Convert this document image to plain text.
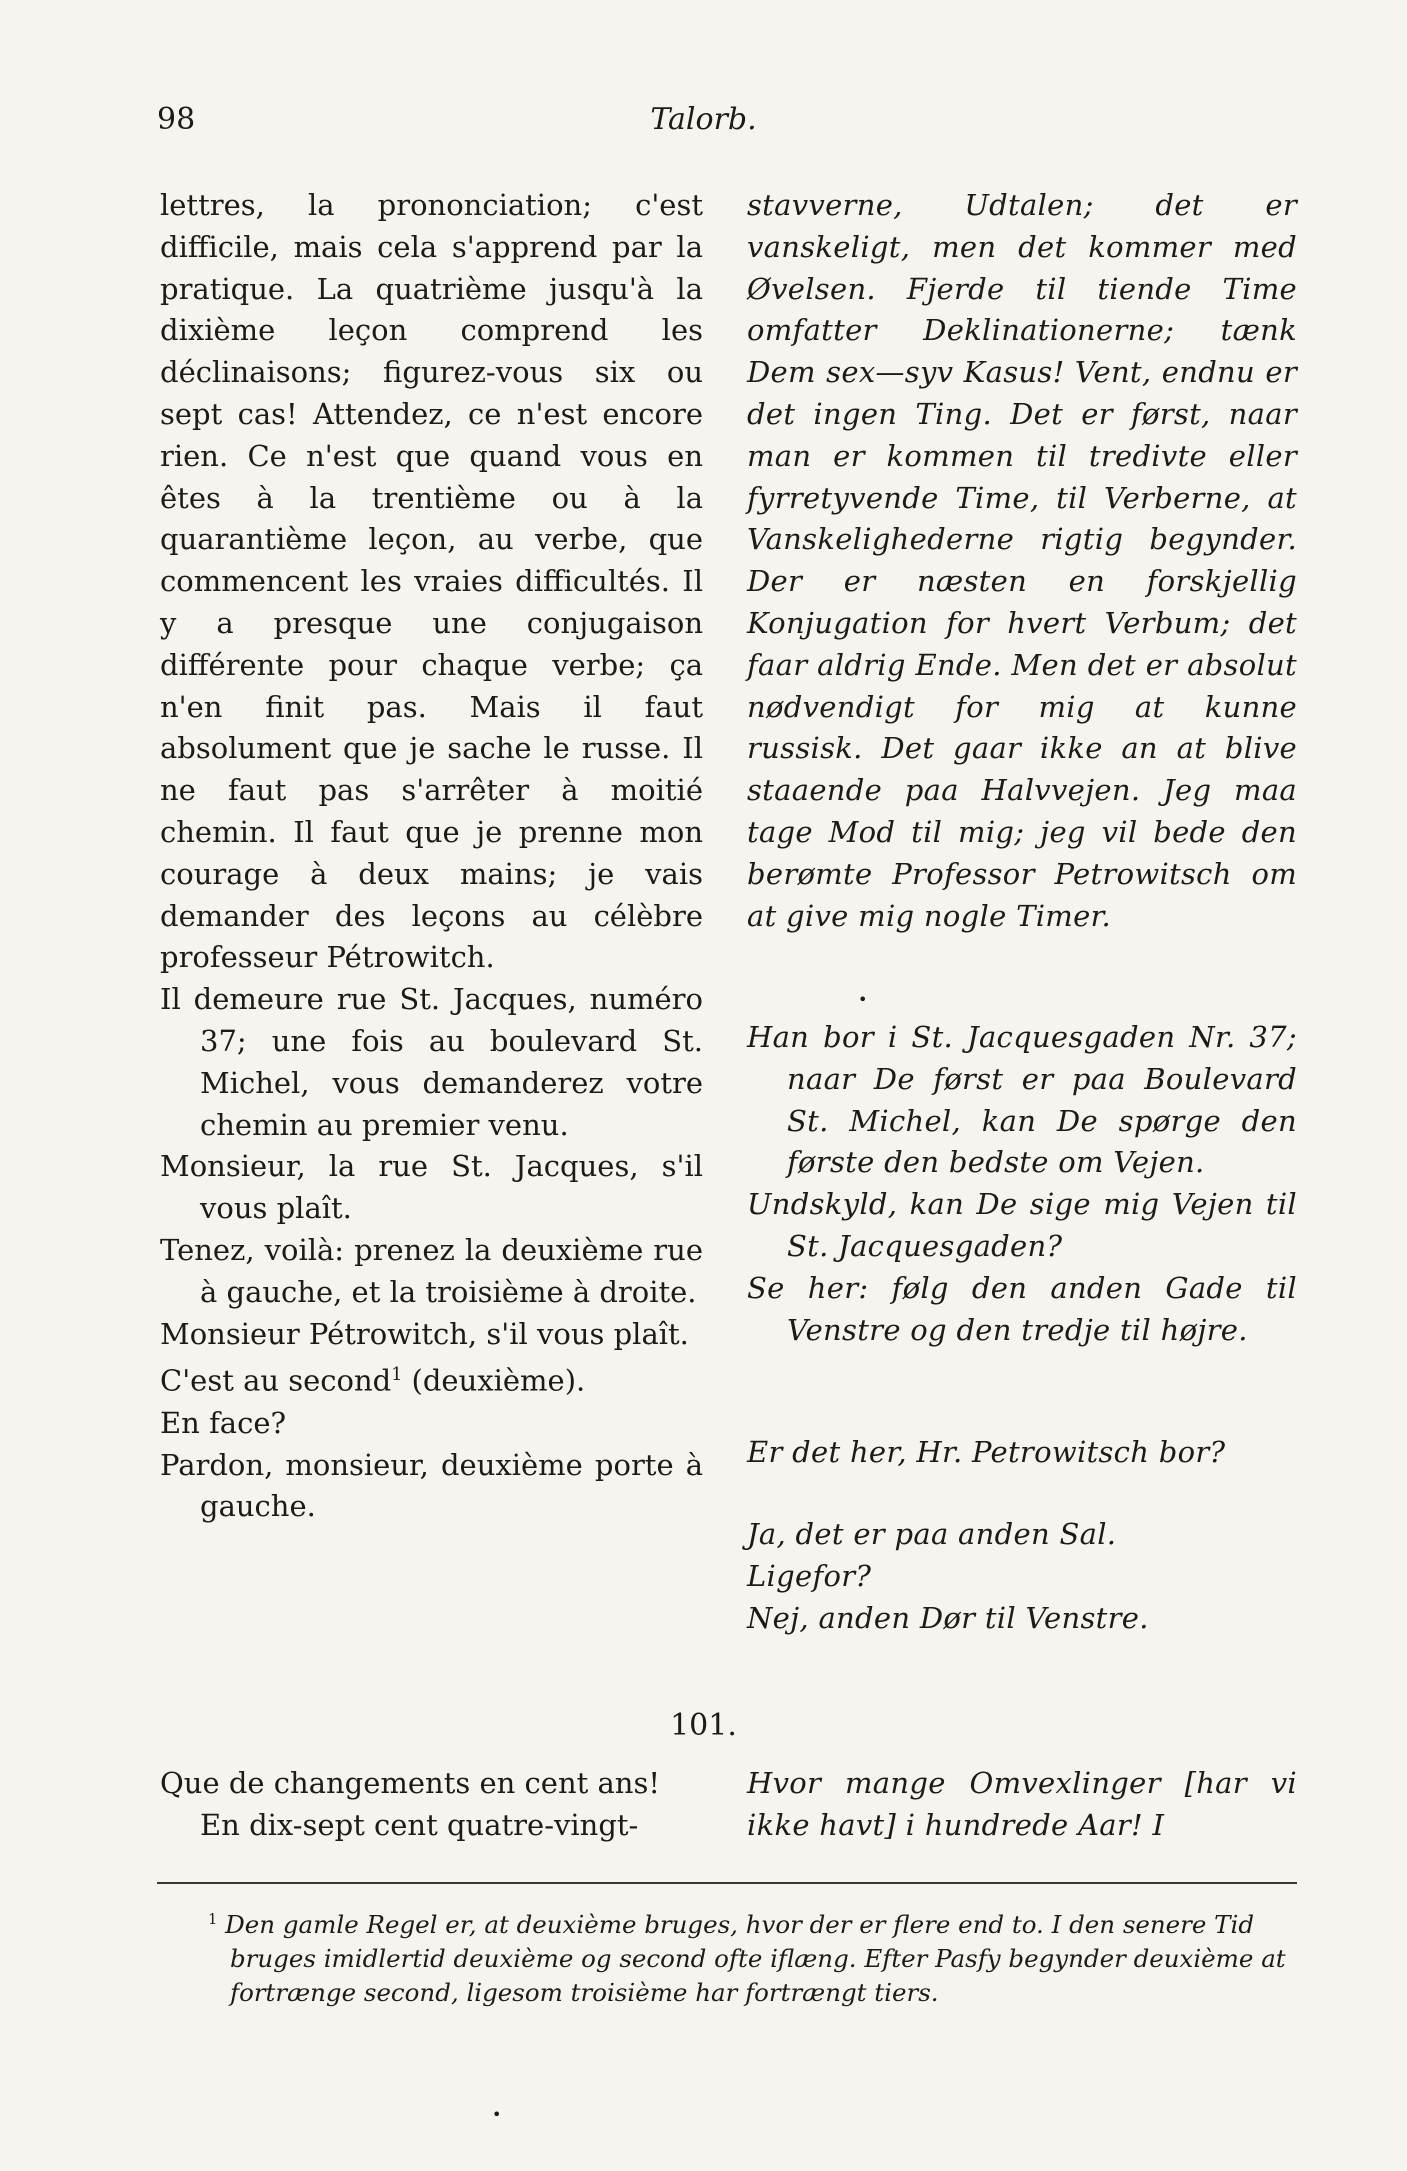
98	Talorb.

lettres, la prononciation; c'est difficile, mais cela s'apprend par la pratique. La quatrième jusqu'à la dixième leçon comprend les déclinaisons; figurez-vous six ou sept cas! Attendez, ce n'est encore rien. Ce n'est que quand vous en êtes à la trentième ou à la quarantième leçon, au verbe, que commencent les vraies difficultés. Il y a presque une conjugaison différente pour chaque verbe; ça n'en finit pas. Mais il faut absolument que je sache le russe. Il ne faut pas s'arrêter à moitié chemin. Il faut que je prenne mon courage à deux mains; je vais demander des leçons au célèbre professeur Pétrowitch.

Il demeure rue St. Jacques, numéro 37; une fois au boulevard St. Michel, vous demanderez votre chemin au premier venu.

Monsieur, la rue St. Jacques, s'il vous plaît.

Tenez, voilà: prenez la deuxième rue à gauche, et la troisième à droite.

Monsieur Pétrowitch, s'il vous plaît.

C'est au second$^1$ (deuxième).

En face?

Pardon, monsieur, deuxième porte à gauche.

stavverne, Udtalen; det er vanskeligt, men det kommer med Øvelsen. Fjerde til tiende Time omfatter Deklinationerne; tænk Dem sex—syv Kasus! Vent, endnu er det ingen Ting. Det er først, naar man er kommen til tredivte eller fyrretyvende Time, til Verberne, at Vanskelighederne rigtig begynder. Der er næsten en forskjellig Konjugation for hvert Verbum; det faar aldrig Ende. Men det er absolut nødvendigt for mig at kunne russisk. Det gaar ikke an at blive staaende paa Halvvejen. Jeg maa tage Mod til mig; jeg vil bede den berømte Professor Petrowitsch om at give mig nogle Timer.

•

Han bor i St. Jacquesgaden Nr. 37; naar De først er paa Boulevard St. Michel, kan De spørge den første den bedste om Vejen.

Undskyld, kan De sige mig Vejen til St. Jacquesgaden?

Se her: følg den anden Gade til Venstre og den tredje til højre.

Er det her, Hr. Petrowitsch bor?

Ja, det er paa anden Sal.

Ligefor?

Nej, anden Dør til Venstre.

101.

Que de changements en cent ans!

En dix-sept cent quatre-vingt-

Hvor mange Omvexlinger [har vi ikke havt] i hundrede Aar! I

$^1$ Den gamle Regel er, at deuxième bruges, hvor der er flere end to. I den senere Tid bruges imidlertid deuxième og second ofte iflæng. Efter Pasfy begynder deuxième at fortrænge second, ligesom troisième har fortrængt tiers.

•
